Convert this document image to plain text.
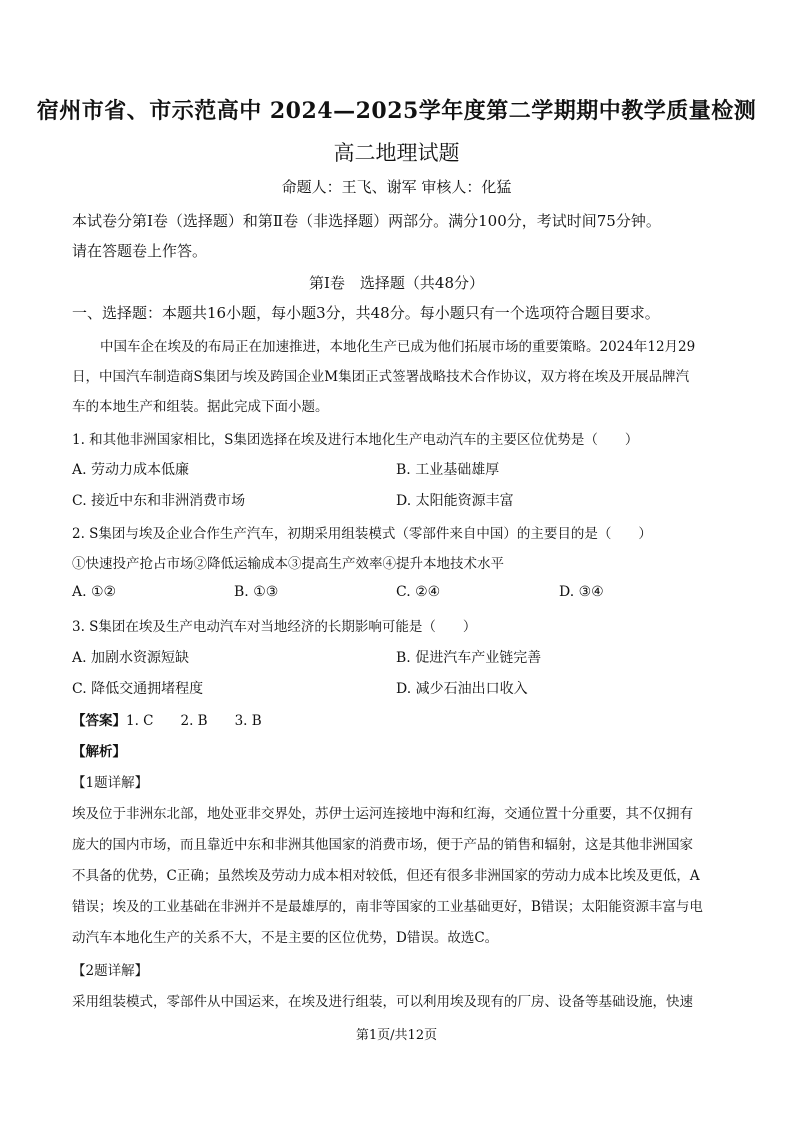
宿州市省、市示范高中 2024—2025学年度第二学期期中教学质量检测
高二地理试题
命题人：王飞、谢军 审核人：化猛
本试卷分第Ⅰ卷（选择题）和第Ⅱ卷（非选择题）两部分。满分100分，考试时间75分钟。
请在答题卷上作答。
第Ⅰ卷　选择题（共48分）
一、选择题：本题共16小题，每小题3分，共48分。每小题只有一个选项符合题目要求。
中国车企在埃及的布局正在加速推进，本地化生产已成为他们拓展市场的重要策略。2024年12月29
日，中国汽车制造商S集团与埃及跨国企业M集团正式签署战略技术合作协议，双方将在埃及开展品牌汽
车的本地生产和组装。据此完成下面小题。
1. 和其他非洲国家相比，S集团选择在埃及进行本地化生产电动汽车的主要区位优势是（　　）
A. 劳动力成本低廉	B. 工业基础雄厚
C. 接近中东和非洲消费市场	D. 太阳能资源丰富
2. S集团与埃及企业合作生产汽车，初期采用组装模式（零部件来自中国）的主要目的是（　　）
①快速投产抢占市场②降低运输成本③提高生产效率④提升本地技术水平
A. ①②	B. ①③	C. ②④	D. ③④
3. S集团在埃及生产电动汽车对当地经济的长期影响可能是（　　）
A. 加剧水资源短缺	B. 促进汽车产业链完善
C. 降低交通拥堵程度	D. 减少石油出口收入
【答案】1. C　　2. B　　3. B
【解析】
【1题详解】
埃及位于非洲东北部，地处亚非交界处，苏伊士运河连接地中海和红海，交通位置十分重要，其不仅拥有
庞大的国内市场，而且靠近中东和非洲其他国家的消费市场，便于产品的销售和辐射，这是其他非洲国家
不具备的优势，C正确；虽然埃及劳动力成本相对较低，但还有很多非洲国家的劳动力成本比埃及更低，A
错误；埃及的工业基础在非洲并不是最雄厚的，南非等国家的工业基础更好，B错误；太阳能资源丰富与电
动汽车本地化生产的关系不大，不是主要的区位优势，D错误。故选C。
【2题详解】
采用组装模式，零部件从中国运来，在埃及进行组装，可以利用埃及现有的厂房、设备等基础设施，快速
第1页/共12页
